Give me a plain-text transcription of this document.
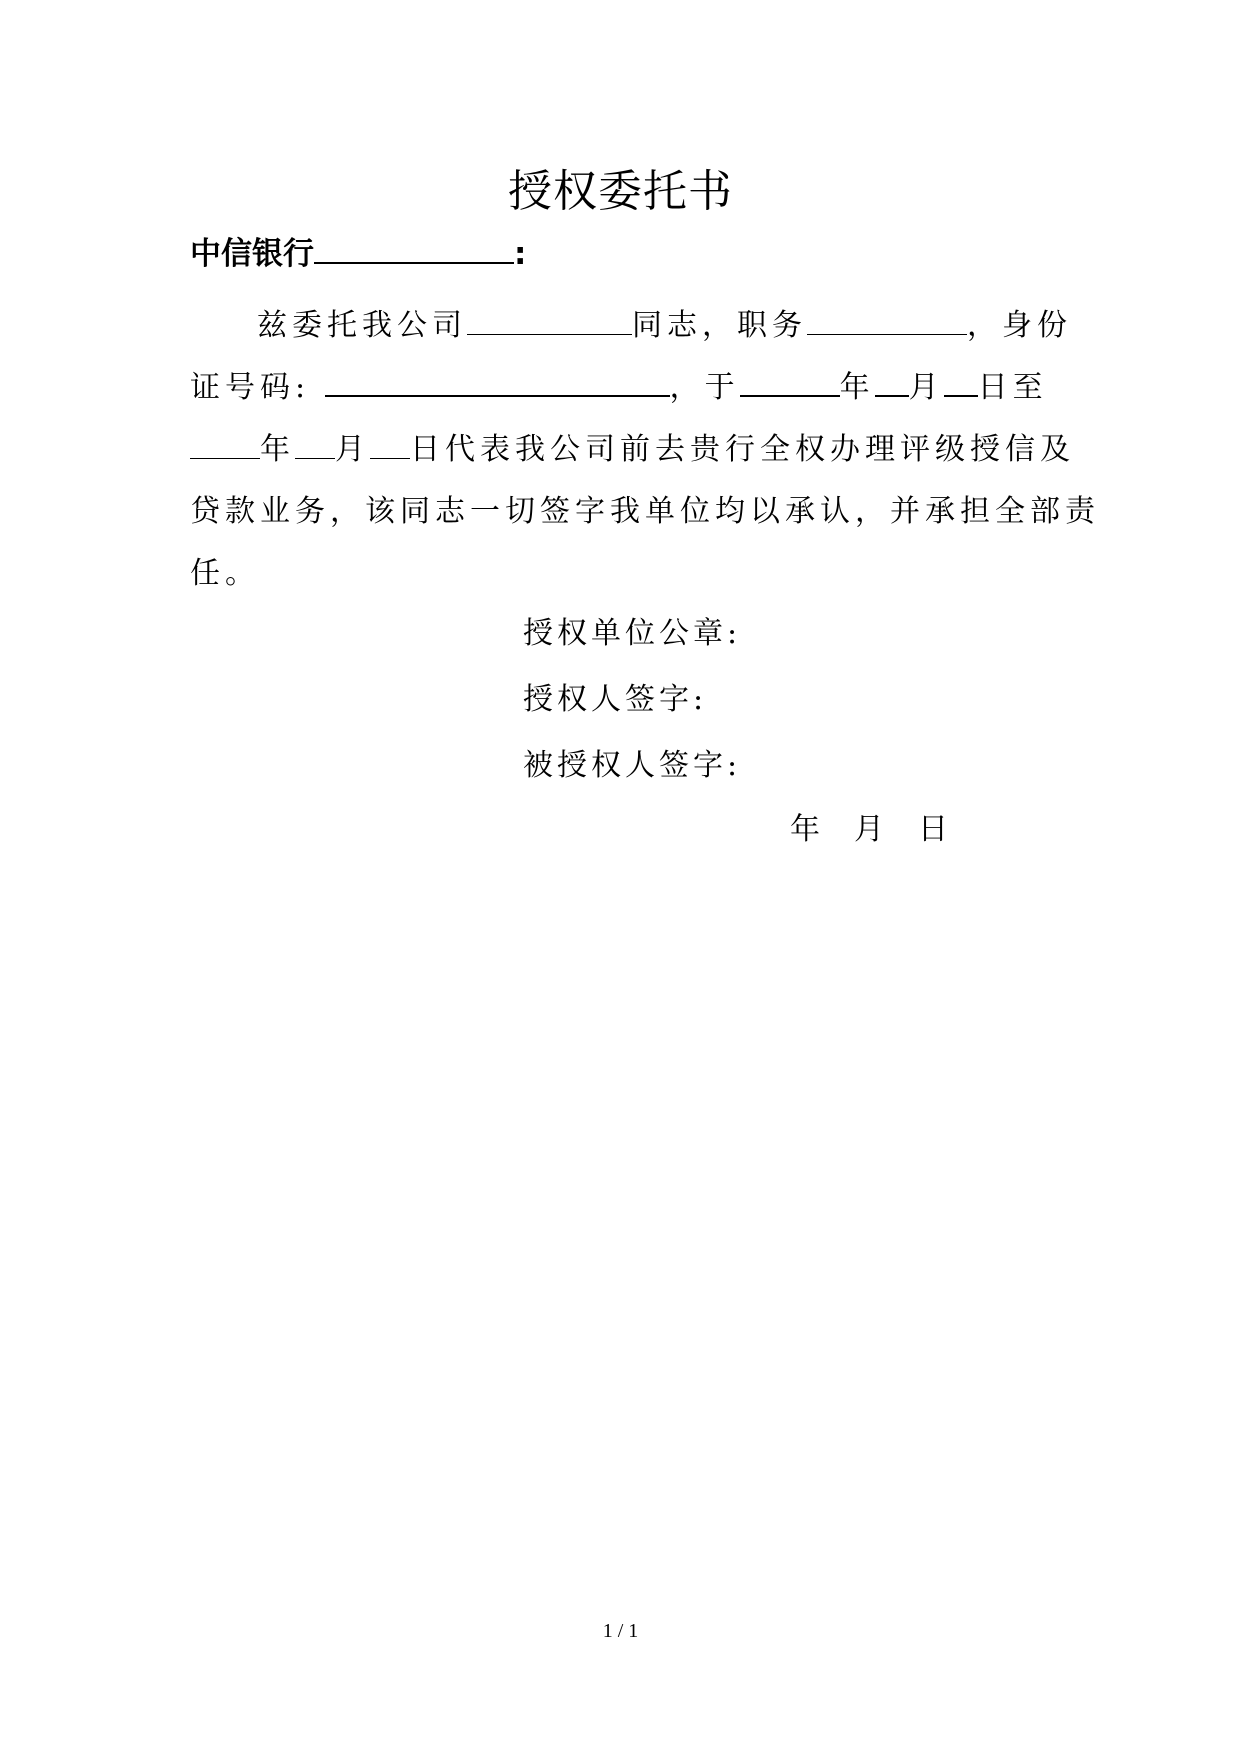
授权委托书
中信银行	:
兹委托我公司	同志，职务	，身份
证号码:	，于	年 月 日至
年 月 日代表我公司前去贵行全权办理评级授信及
贷款业务，该同志一切签字我单位均以承认，并承担全部责
任。
授权单位公章:
授权人签字:
被授权人签字:
年 月 日
1 / 1
